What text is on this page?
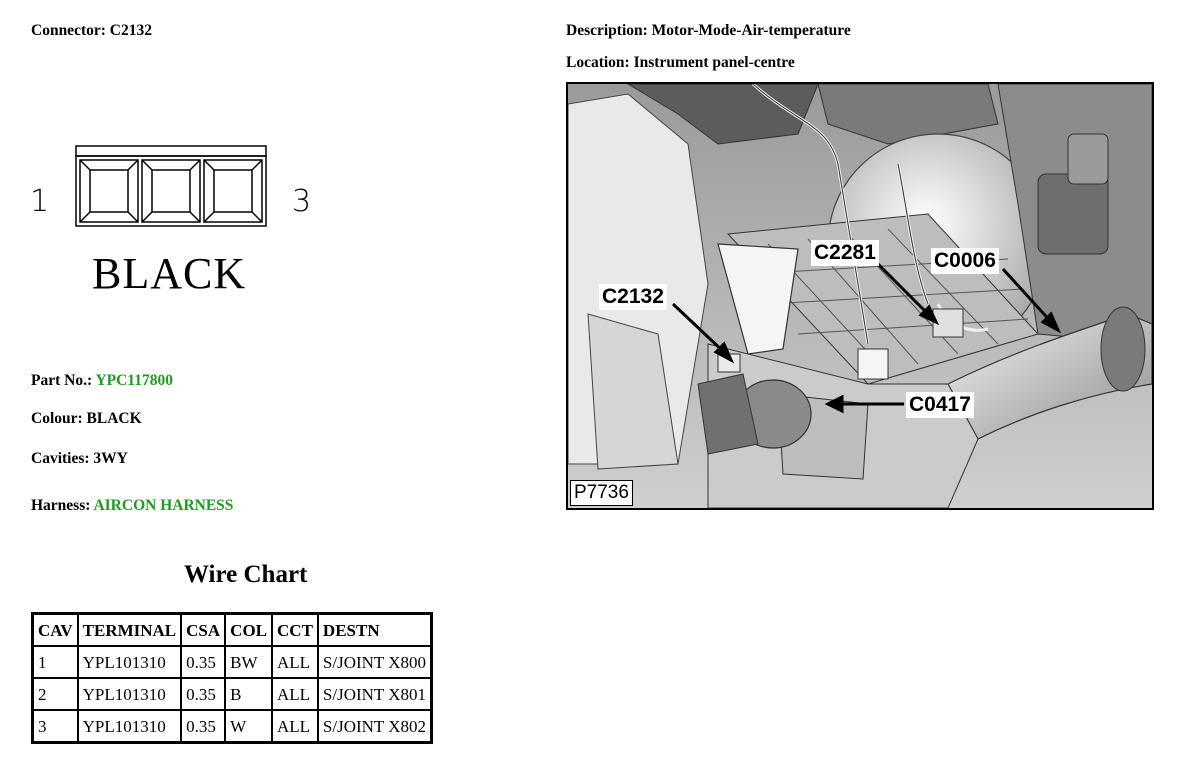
Connector: C2132	Description: Motor-Mode-Air-temperature
Location: Instrument panel-centre
1	3
BLACK
Part No.: YPC117800
Colour: BLACK
Cavities: 3WY
Harness: AIRCON HARNESS
Wire Chart
CAV	TERMINAL	CSA	COL	CCT	DESTN
1	YPL101310	0.35	BW	ALL	S/JOINT X800
2	YPL101310	0.35	B	ALL	S/JOINT X801
3	YPL101310	0.35	W	ALL	S/JOINT X802
C2281	C0006
C2132
C0417
P7736
